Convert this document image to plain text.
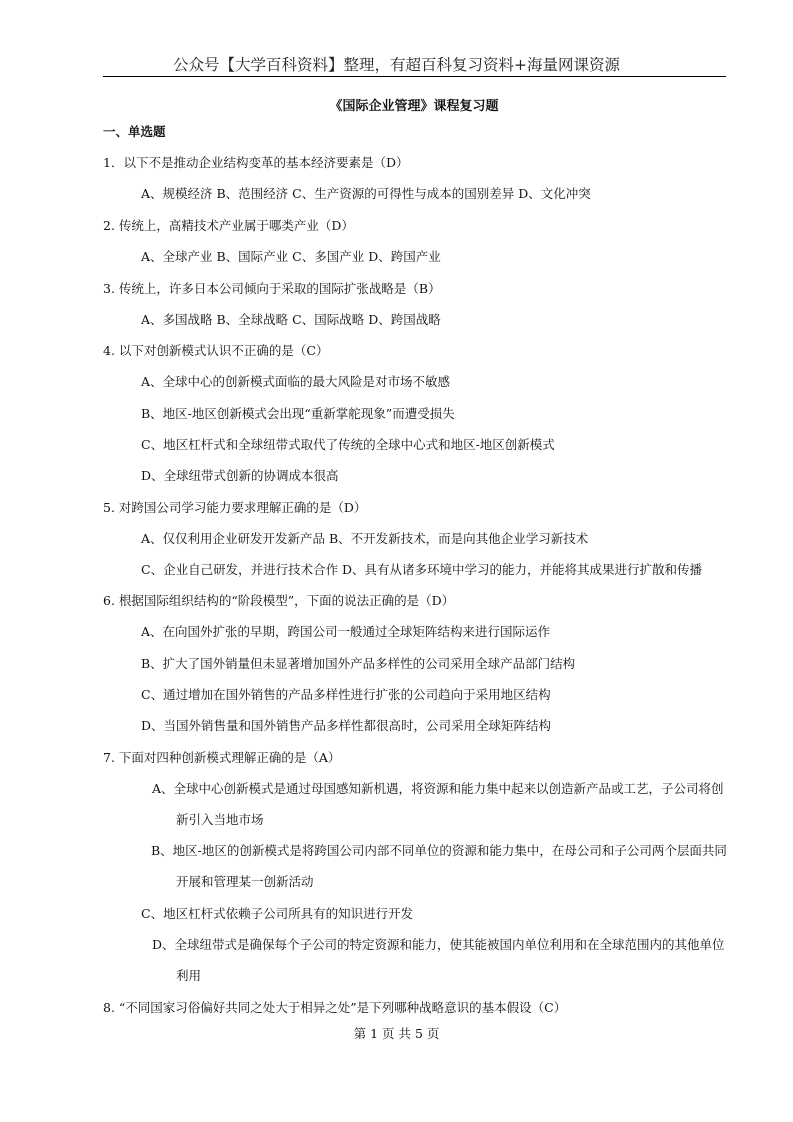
公众号【大学百科资料】整理，有超百科复习资料+海量网课资源
《国际企业管理》课程复习题
一、单选题
1．以下不是推动企业结构变革的基本经济要素是（D）
A、规模经济 B、范围经济 C、生产资源的可得性与成本的国别差异 D、文化冲突
2. 传统上，高精技术产业属于哪类产业（D）
A、全球产业 B、国际产业 C、多国产业 D、跨国产业
3. 传统上，许多日本公司倾向于采取的国际扩张战略是（B）
A、多国战略 B、全球战略 C、国际战略 D、跨国战略
4. 以下对创新模式认识不正确的是（C）
A、全球中心的创新模式面临的最大风险是对市场不敏感
B、地区-地区创新模式会出现“重新掌舵现象”而遭受损失
C、地区杠杆式和全球纽带式取代了传统的全球中心式和地区-地区创新模式
D、全球纽带式创新的协调成本很高
5. 对跨国公司学习能力要求理解正确的是（D）
A、仅仅利用企业研发开发新产品 B、不开发新技术，而是向其他企业学习新技术
C、企业自己研发，并进行技术合作 D、具有从诸多环境中学习的能力，并能将其成果进行扩散和传播
6. 根据国际组织结构的“阶段模型”，下面的说法正确的是（D）
A、在向国外扩张的早期，跨国公司一般通过全球矩阵结构来进行国际运作
B、扩大了国外销量但未显著增加国外产品多样性的公司采用全球产品部门结构
C、通过增加在国外销售的产品多样性进行扩张的公司趋向于采用地区结构
D、当国外销售量和国外销售产品多样性都很高时，公司采用全球矩阵结构
7. 下面对四种创新模式理解正确的是（A）
A、全球中心创新模式是通过母国感知新机遇，将资源和能力集中起来以创造新产品或工艺，子公司将创
新引入当地市场
B、地区-地区的创新模式是将跨国公司内部不同单位的资源和能力集中，在母公司和子公司两个层面共同
开展和管理某一创新活动
C、地区杠杆式依赖子公司所具有的知识进行开发
D、全球纽带式是确保每个子公司的特定资源和能力，使其能被国内单位利用和在全球范围内的其他单位
利用
8. “不同国家习俗偏好共同之处大于相异之处”是下列哪种战略意识的基本假设（C）
第 1 页 共 5 页
